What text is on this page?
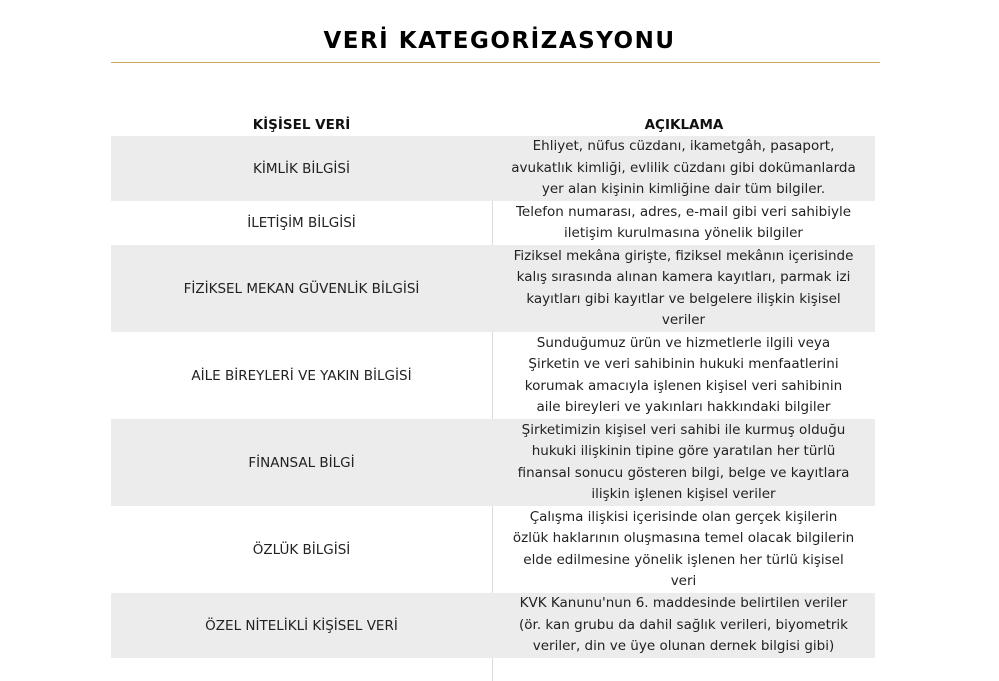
VERİ KATEGORİZASYONU
KİŞİSEL VERİ	AÇIKLAMA
KİMLİK BİLGİSİ
Ehliyet, nüfus cüzdanı, ikametgâh, pasaport,
avukatlık kimliği, evlilik cüzdanı gibi dokümanlarda
yer alan kişinin kimliğine dair tüm bilgiler.
İLETİŞİM BİLGİSİ
Telefon numarası, adres, e-mail gibi veri sahibiyle
iletişim kurulmasına yönelik bilgiler
FİZİKSEL MEKAN GÜVENLİK BİLGİSİ
Fiziksel mekâna girişte, fiziksel mekânın içerisinde
kalış sırasında alınan kamera kayıtları, parmak izi
kayıtları gibi kayıtlar ve belgelere ilişkin kişisel
veriler
AİLE BİREYLERİ VE YAKIN BİLGİSİ
Sunduğumuz ürün ve hizmetlerle ilgili veya
Şirketin ve veri sahibinin hukuki menfaatlerini
korumak amacıyla işlenen kişisel veri sahibinin
aile bireyleri ve yakınları hakkındaki bilgiler
FİNANSAL BİLGİ
Şirketimizin kişisel veri sahibi ile kurmuş olduğu
hukuki ilişkinin tipine göre yaratılan her türlü
finansal sonucu gösteren bilgi, belge ve kayıtlara
ilişkin işlenen kişisel veriler
ÖZLÜK BİLGİSİ
Çalışma ilişkisi içerisinde olan gerçek kişilerin
özlük haklarının oluşmasına temel olacak bilgilerin
elde edilmesine yönelik işlenen her türlü kişisel
veri
ÖZEL NİTELİKLİ KİŞİSEL VERİ
KVK Kanunu'nun 6. maddesinde belirtilen veriler
(ör. kan grubu da dahil sağlık verileri, biyometrik
veriler, din ve üye olunan dernek bilgisi gibi)
